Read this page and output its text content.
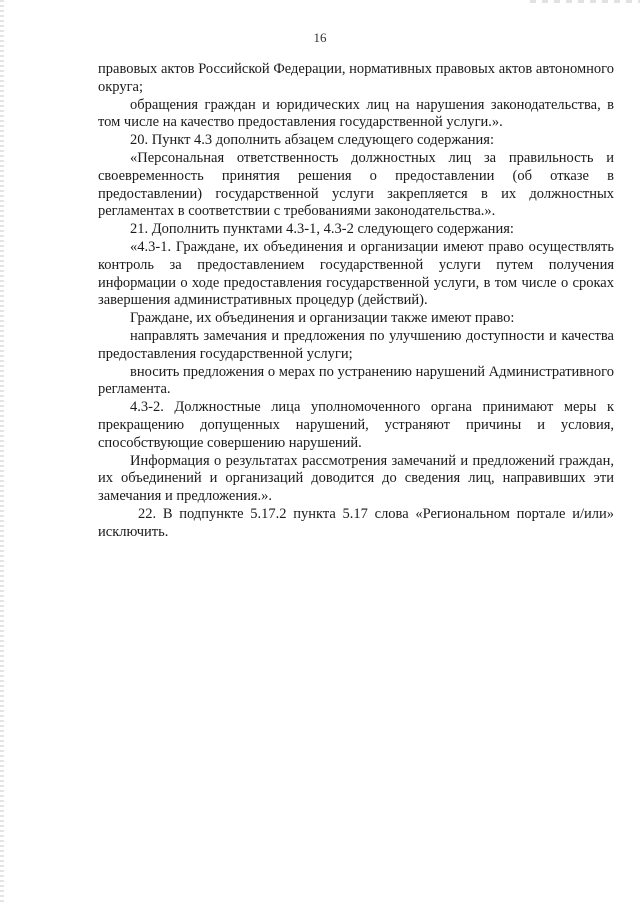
16

правовых актов Российской Федерации, нормативных правовых актов автономного округа;

обращения граждан и юридических лиц на нарушения законодательства, в том числе на качество предоставления государственной услуги.».

20. Пункт 4.3 дополнить абзацем следующего содержания:

«Персональная ответственность должностных лиц за правильность и своевременность принятия решения о предоставлении (об отказе в предоставлении) государственной услуги закрепляется в их должностных регламентах в соответствии с требованиями законодательства.».

21. Дополнить пунктами 4.3-1, 4.3-2 следующего содержания:

«4.3-1. Граждане, их объединения и организации имеют право осуществлять контроль за предоставлением государственной услуги путем получения информации о ходе предоставления государственной услуги, в том числе о сроках завершения административных процедур (действий).

Граждане, их объединения и организации также имеют право:

направлять замечания и предложения по улучшению доступности и качества предоставления государственной услуги;

вносить предложения о мерах по устранению нарушений Административного регламента.

4.3-2. Должностные лица уполномоченного органа принимают меры к прекращению допущенных нарушений, устраняют причины и условия, способствующие совершению нарушений.

Информация о результатах рассмотрения замечаний и предложений граждан, их объединений и организаций доводится до сведения лиц, направивших эти замечания и предложения.».

22. В подпункте 5.17.2 пункта 5.17 слова «Региональном портале и/или» исключить.
